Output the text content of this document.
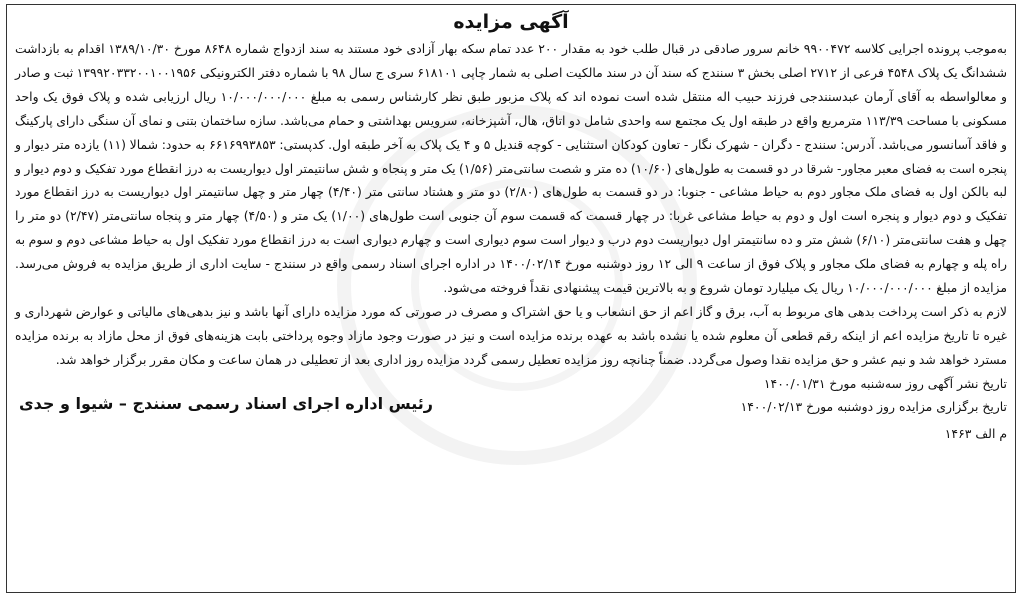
آگهی مزایده

به‌موجب پرونده اجرایی کلاسه ۹۹۰۰۴۷۲ خانم سرور صادقی در قبال طلب خود به مقدار ۲۰۰ عدد تمام سکه بهار آزادی خود مستند به سند ازدواج شماره ۸۶۴۸ مورخ ۱۳۸۹/۱۰/۳۰ اقدام به بازداشت ششدانگ یک پلاک ۴۵۴۸ فرعی از ۲۷۱۲ اصلی بخش ۳ سنندج که سند آن در سند مالکیت اصلی به شمار چاپی ۶۱۸۱۰۱ سری ج سال ۹۸ با شماره دفتر الکترونیکی ۱۳۹۹۲۰۳۳۲۰۰۱۰۰۱۹۵۶ ثبت و صادر و معالواسطه به آقای آرمان عبدسنندجی فرزند حبیب اله منتقل شده است نموده اند که پلاک مزبور طبق نظر کارشناس رسمی به مبلغ ۱۰/۰۰۰/۰۰۰/۰۰۰ ریال ارزیابی شده و پلاک فوق یک واحد مسکونی با مساحت ۱۱۳/۳۹ مترمربع واقع در طبقه اول یک مجتمع سه واحدی شامل دو اتاق، هال، آشپزخانه، سرویس بهداشتی و حمام می‌باشد. سازه ساختمان بتنی و نمای آن سنگی دارای پارکینگ و فاقد آسانسور می‌باشد. آدرس: سنندج - دگران - شهرک نگار - تعاون کودکان استثنایی - کوچه قندیل ۵ و ۴ یک پلاک به آخر طبقه اول. کدپستی: ۶۶۱۶۹۹۳۸۵۳ به حدود: شمالا (۱۱) یازده متر دیوار و پنجره است به فضای معبر مجاور- شرقا در دو قسمت به طول‌های (۱۰/۶۰) ده متر و شصت سانتی‌متر (۱/۵۶) یک متر و پنجاه و شش سانتیمتر اول دیواریست به درز انقطاع مورد تفکیک و دوم دیوار و لبه بالکن اول به فضای ملک مجاور دوم به حیاط مشاعی - جنوبا: در دو قسمت به طول‌های (۲/۸۰) دو متر و هشتاد سانتی متر (۴/۴۰) چهار متر و چهل سانتیمتر اول دیواریست به درز انقطاع مورد تفکیک و دوم دیوار و پنجره است اول و دوم به حیاط مشاعی غربا: در چهار قسمت که قسمت سوم آن جنوبی است طول‌های (۱/۰۰) یک متر و (۴/۵۰) چهار متر و پنجاه سانتی‌متر (۲/۴۷) دو متر را چهل و هفت سانتی‌متر (۶/۱۰) شش متر و ده سانتیمتر اول دیواریست دوم درب و دیوار است سوم دیواری است و چهارم دیواری است به درز انقطاع مورد تفکیک اول به حیاط مشاعی دوم و سوم به راه پله و چهارم به فضای ملک مجاور و پلاک فوق از ساعت ۹ الی ۱۲ روز دوشنبه مورخ ۱۴۰۰/۰۲/۱۴ در اداره اجرای اسناد رسمی واقع در سنندج - سایت اداری از طریق مزایده به فروش می‌رسد. مزایده از مبلغ ۱۰/۰۰۰/۰۰۰/۰۰۰ ریال یک میلیارد تومان شروع و به بالاترین قیمت پیشنهادی نقداً فروخته می‌شود.

لازم به ذکر است پرداخت بدهی های مربوط به آب، برق و گاز اعم از حق انشعاب و یا حق اشتراک و مصرف در صورتی که مورد مزایده دارای آنها باشد و نیز بدهی‌های مالیاتی و عوارض شهرداری و غیره تا تاریخ مزایده اعم از اینکه رقم قطعی آن معلوم شده یا نشده باشد به عهده برنده مزایده است و نیز در صورت وجود مازاد وجوه پرداختی بابت هزینه‌های فوق از محل مازاد به برنده مزایده مسترد خواهد شد و نیم عشر و حق مزایده نقدا وصول می‌گردد. ضمناً چنانچه روز مزایده تعطیل رسمی گردد مزایده روز اداری بعد از تعطیلی در همان ساعت و مکان مقرر برگزار خواهد شد.

تاریخ نشر آگهی روز سه‌شنبه مورخ ۱۴۰۰/۰۱/۳۱
تاریخ برگزاری مزایده روز دوشنبه مورخ ۱۴۰۰/۰۲/۱۳
رئیس اداره اجرای اسناد رسمی سنندج – شیوا و جدی
م الف ۱۴۶۳
